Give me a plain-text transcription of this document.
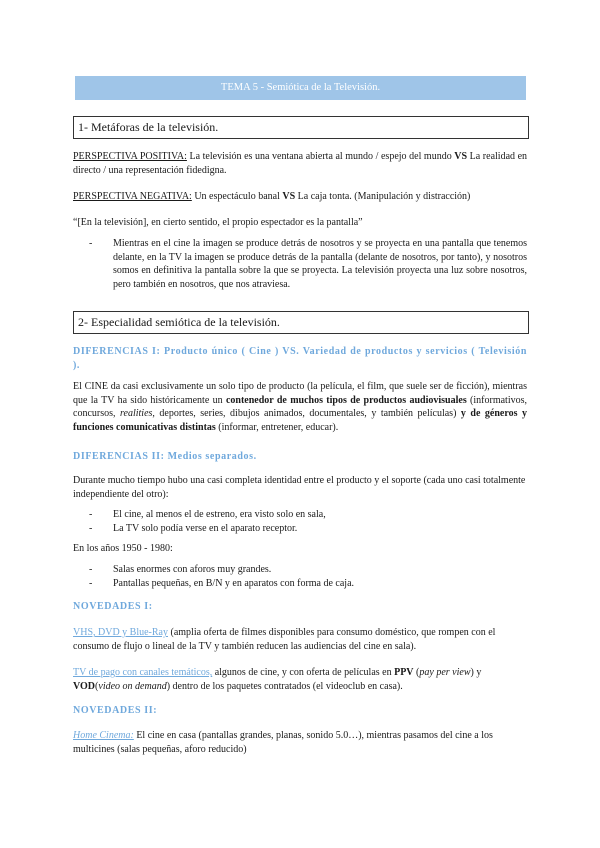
TEMA 5 - Semiótica de la Televisión.
1- Metáforas de la televisión.
PERSPECTIVA POSITIVA: La televisión es una ventana abierta al mundo / espejo del mundo VS La realidad en directo / una representación fidedigna.
PERSPECTIVA NEGATIVA: Un espectáculo banal VS La caja tonta. (Manipulación y distracción)
“[En la televisión], en cierto sentido, el propio espectador es la pantalla”
- Mientras en el cine la imagen se produce detrás de nosotros y se proyecta en una pantalla que tenemos delante, en la TV la imagen se produce detrás de la pantalla (delante de nosotros, por tanto), y nosotros somos en definitiva la pantalla sobre la que se proyecta. La televisión proyecta una luz sobre nosotros, pero también en nosotros, que nos atraviesa.
2- Especialidad semiótica de la televisión.
DIFERENCIAS I: Producto único ( Cine ) VS. Variedad de productos y servicios ( Televisión ).
El CINE da casi exclusivamente un solo tipo de producto (la película, el film, que suele ser de ficción), mientras que la TV ha sido históricamente un contenedor de muchos tipos de productos audiovisuales (informativos, concursos, realities, deportes, series, dibujos animados, documentales, y también películas) y de géneros y funciones comunicativas distintas (informar, entretener, educar).
DIFERENCIAS II: Medios separados.
Durante mucho tiempo hubo una casi completa identidad entre el producto y el soporte (cada uno casi totalmente independiente del otro):
- El cine, al menos el de estreno, era visto solo en sala,
- La TV solo podía verse en el aparato receptor.
En los años 1950 - 1980:
- Salas enormes con aforos muy grandes.
- Pantallas pequeñas, en B/N y en aparatos con forma de caja.
NOVEDADES I:
VHS, DVD y Blue-Ray (amplia oferta de filmes disponibles para consumo doméstico, que rompen con el consumo de flujo o lineal de la TV y también reducen las audiencias del cine en sala).
TV de pago con canales temáticos, algunos de cine, y con oferta de películas en PPV (pay per view) y VOD(video on demand) dentro de los paquetes contratados (el videoclub en casa).
NOVEDADES II:
Home Cinema: El cine en casa (pantallas grandes, planas, sonido 5.0…), mientras pasamos del cine a los multicines (salas pequeñas, aforo reducido)
